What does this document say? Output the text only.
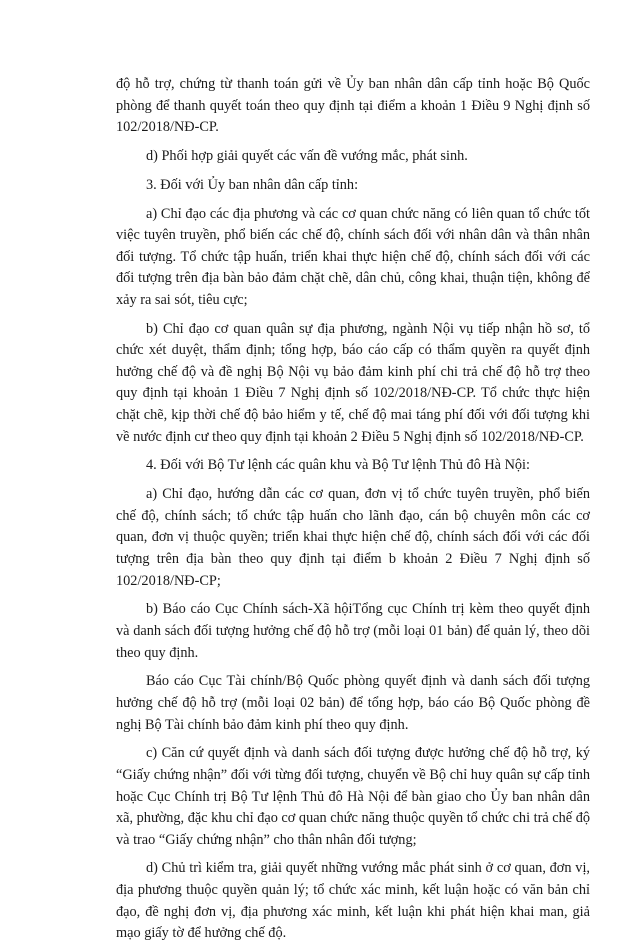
độ hỗ trợ, chứng từ thanh toán gửi về Ủy ban nhân dân cấp tỉnh hoặc Bộ Quốc phòng để thanh quyết toán theo quy định tại điểm a khoản 1 Điều 9 Nghị định số 102/2018/NĐ-CP.

d) Phối hợp giải quyết các vấn đề vướng mắc, phát sinh.

3. Đối với Ủy ban nhân dân cấp tỉnh:

a) Chỉ đạo các địa phương và các cơ quan chức năng có liên quan tổ chức tốt việc tuyên truyền, phổ biến các chế độ, chính sách đối với nhân dân và thân nhân đối tượng. Tổ chức tập huấn, triển khai thực hiện chế độ, chính sách đối với các đối tượng trên địa bàn bảo đảm chặt chẽ, dân chủ, công khai, thuận tiện, không để xảy ra sai sót, tiêu cực;

b) Chỉ đạo cơ quan quân sự địa phương, ngành Nội vụ tiếp nhận hồ sơ, tổ chức xét duyệt, thẩm định; tổng hợp, báo cáo cấp có thẩm quyền ra quyết định hưởng chế độ và đề nghị Bộ Nội vụ bảo đảm kinh phí chi trả chế độ hỗ trợ theo quy định tại khoản 1 Điều 7 Nghị định số 102/2018/NĐ-CP. Tổ chức thực hiện chặt chẽ, kịp thời chế độ bảo hiểm y tế, chế độ mai táng phí đối với đối tượng khi về nước định cư theo quy định tại khoản 2 Điều 5 Nghị định số 102/2018/NĐ-CP.

4. Đối với Bộ Tư lệnh các quân khu và Bộ Tư lệnh Thủ đô Hà Nội:

a) Chỉ đạo, hướng dẫn các cơ quan, đơn vị tổ chức tuyên truyền, phổ biến chế độ, chính sách; tổ chức tập huấn cho lãnh đạo, cán bộ chuyên môn các cơ quan, đơn vị thuộc quyền; triển khai thực hiện chế độ, chính sách đối với các đối tượng trên địa bàn theo quy định tại điểm b khoản 2 Điều 7 Nghị định số 102/2018/NĐ-CP;

b) Báo cáo Cục Chính sách-Xã hộiTổng cục Chính trị kèm theo quyết định và danh sách đối tượng hưởng chế độ hỗ trợ (mỗi loại 01 bản) để quản lý, theo dõi theo quy định.

Báo cáo Cục Tài chính/Bộ Quốc phòng quyết định và danh sách đối tượng hưởng chế độ hỗ trợ (mỗi loại 02 bản) để tổng hợp, báo cáo Bộ Quốc phòng đề nghị Bộ Tài chính bảo đảm kinh phí theo quy định.

c) Căn cứ quyết định và danh sách đối tượng được hưởng chế độ hỗ trợ, ký “Giấy chứng nhận” đối với từng đối tượng, chuyển về Bộ chỉ huy quân sự cấp tỉnh hoặc Cục Chính trị Bộ Tư lệnh Thủ đô Hà Nội để bàn giao cho Ủy ban nhân dân xã, phường, đặc khu chỉ đạo cơ quan chức năng thuộc quyền tổ chức chi trả chế độ và trao “Giấy chứng nhận” cho thân nhân đối tượng;

d) Chủ trì kiểm tra, giải quyết những vướng mắc phát sinh ở cơ quan, đơn vị, địa phương thuộc quyền quản lý; tổ chức xác minh, kết luận hoặc có văn bản chỉ đạo, đề nghị đơn vị, địa phương xác minh, kết luận khi phát hiện khai man, giả mạo giấy tờ để hưởng chế độ.
